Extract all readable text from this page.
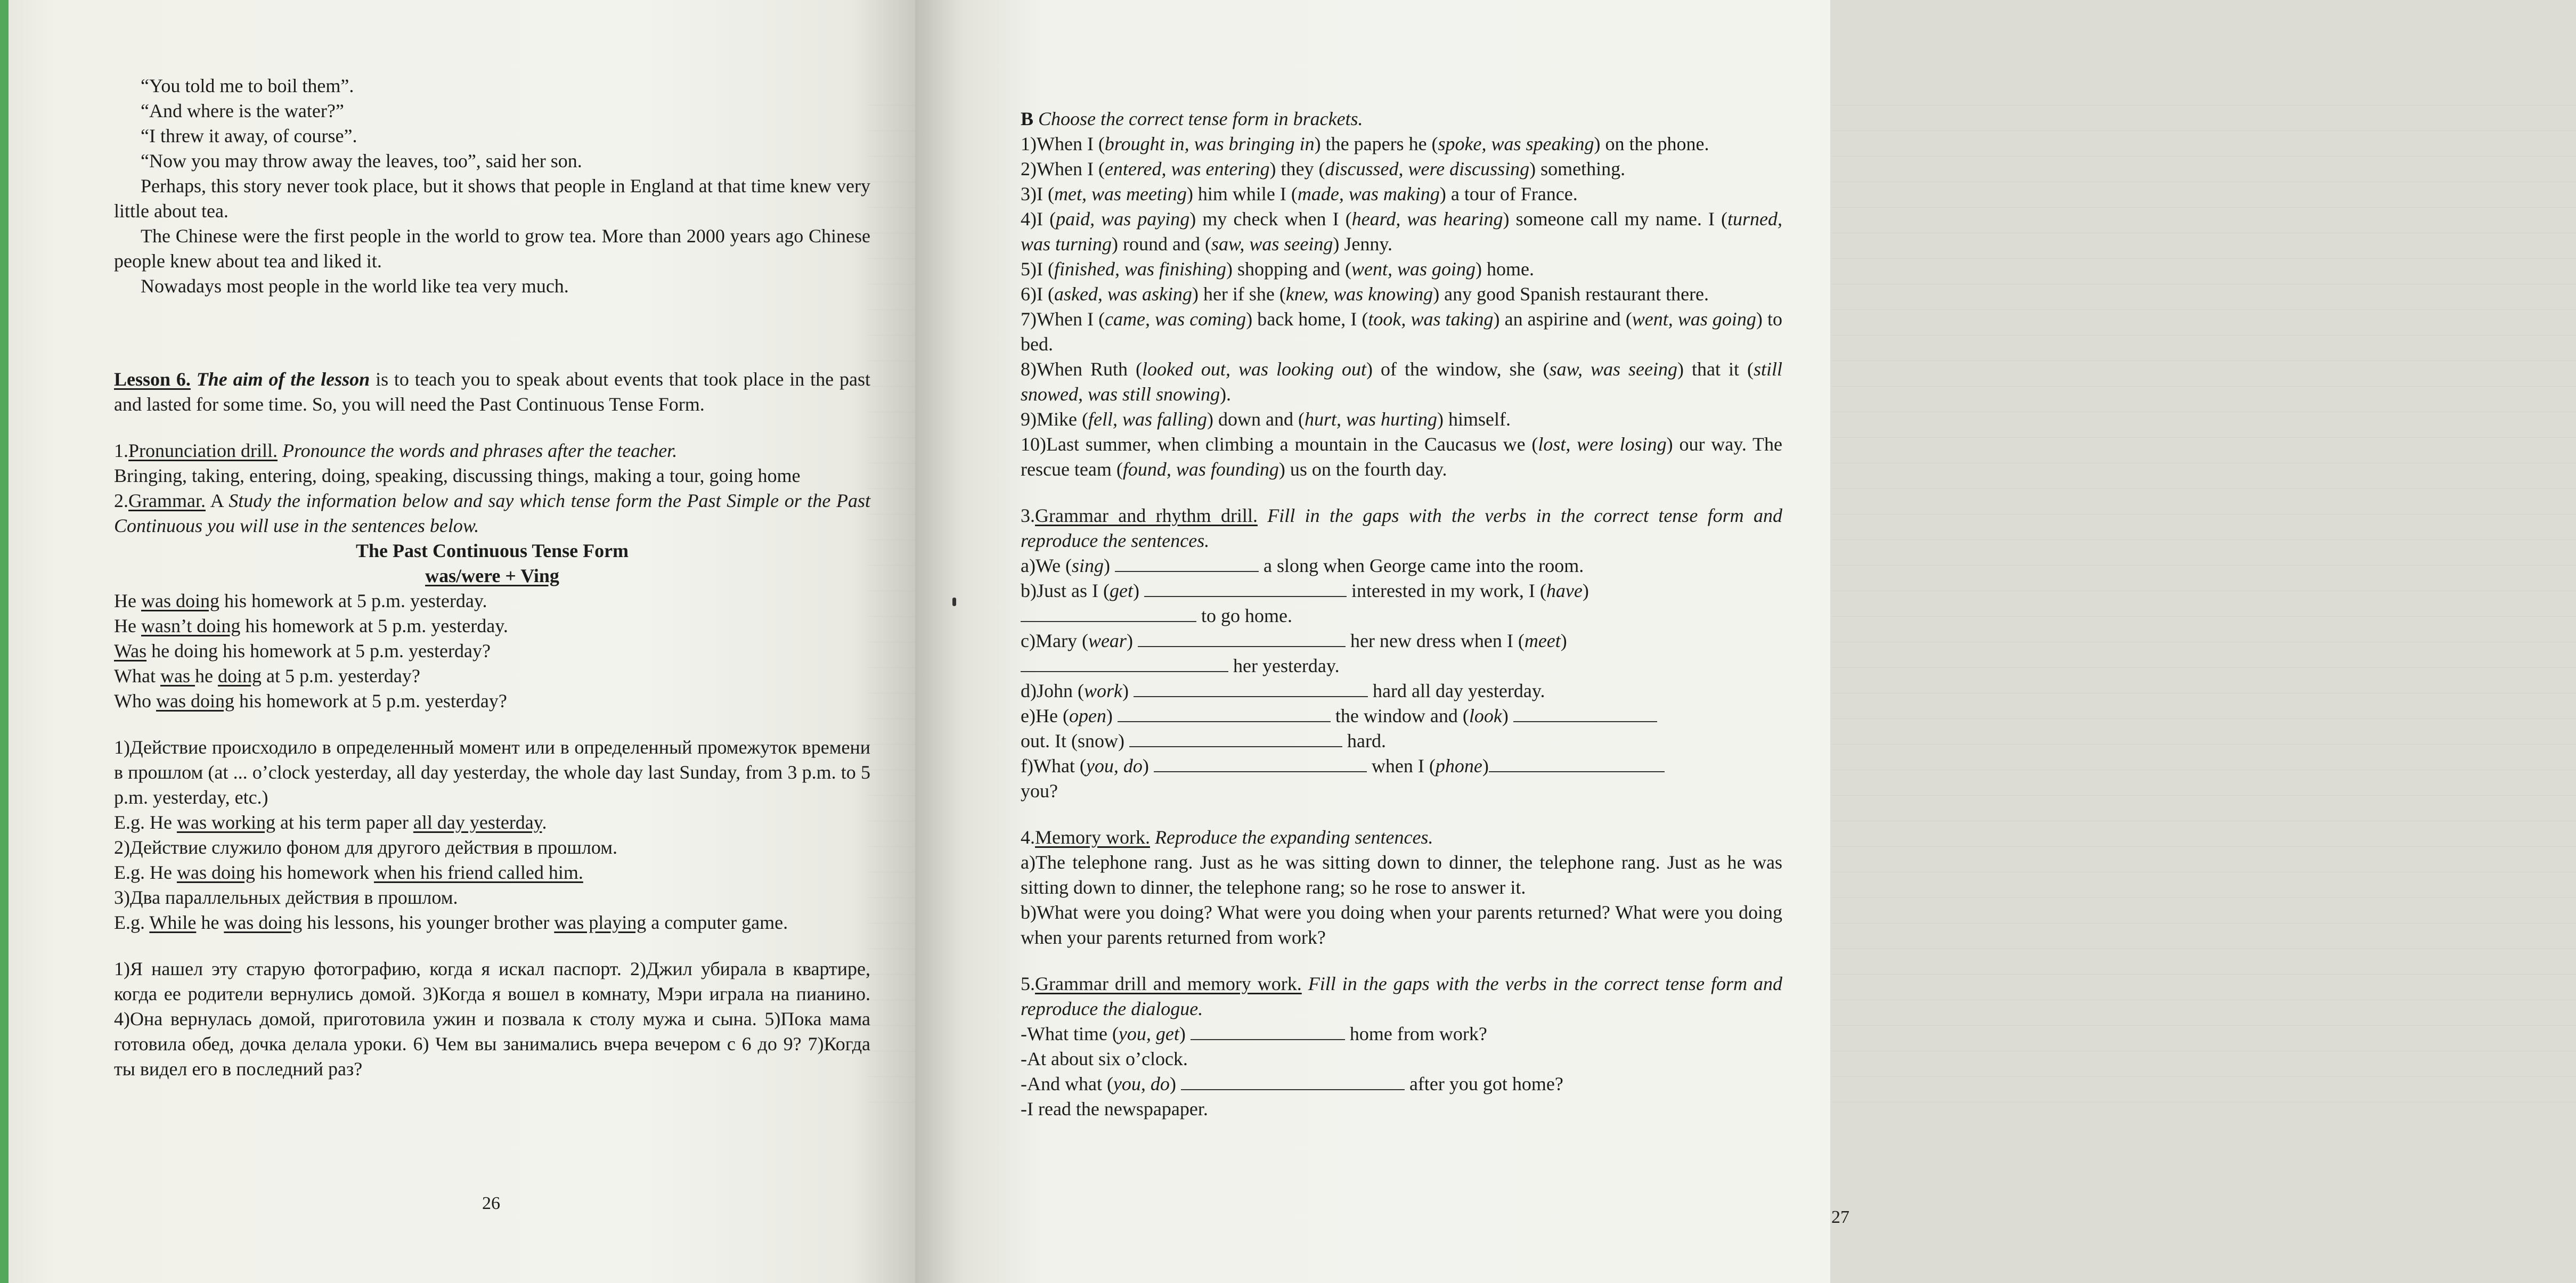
“You told me to boil them”.

“And where is the water?”

“I threw it away, of course”.

“Now you may throw away the leaves, too”, said her son.

Perhaps, this story never took place, but it shows that people in England at that time knew very little about tea.

The Chinese were the first people in the world to grow tea. More than 2000 years ago Chinese people knew about tea and liked it.

Nowadays most people in the world like tea very much.

Lesson 6. The aim of the lesson is to teach you to speak about events that took place in the past and lasted for some time. So, you will need the Past Continuous Tense Form.

1.Pronunciation drill. Pronounce the words and phrases after the teacher.

Bringing, taking, entering, doing, speaking, discussing things, making a tour, going home

2.Grammar. A Study the information below and say which tense form the Past Simple or the Past Continuous you will use in the sentences below.

The Past Continuous Tense Form

was/were + Ving

He was doing his homework at 5 p.m. yesterday.

He wasn’t doing his homework at 5 p.m. yesterday.

Was he doing his homework at 5 p.m. yesterday?

What was he doing at 5 p.m. yesterday?

Who was doing his homework at 5 p.m. yesterday?

1)Действие происходило в определенный момент или в определенный промежуток времени в прошлом (at ... o’clock yesterday, all day yesterday, the whole day last Sunday, from 3 p.m. to 5 p.m. yesterday, etc.)

E.g. He was working at his term paper all day yesterday.

2)Действие служило фоном для другого действия в прошлом.

E.g. He was doing his homework when his friend called him.

3)Два параллельных действия в прошлом.

E.g. While he was doing his lessons, his younger brother was playing a computer game.

1)Я нашел эту старую фотографию, когда я искал паспорт. 2)Джил убирала в квартире, когда ее родители вернулись домой. 3)Когда я вошел в комнату, Мэри играла на пианино. 4)Она вернулась домой, приготовила ужин и позвала к столу мужа и сына. 5)Пока мама готовила обед, дочка делала уроки. 6) Чем вы занимались вчера вечером с 6 до 9? 7)Когда ты видел его в последний раз?

26

B Choose the correct tense form in brackets.

1)When I (brought in, was bringing in) the papers he (spoke, was speaking) on the phone.

2)When I (entered, was entering) they (discussed, were discussing) something.

3)I (met, was meeting) him while I (made, was making) a tour of France.

4)I (paid, was paying) my check when I (heard, was hearing) someone call my name. I (turned, was turning) round and (saw, was seeing) Jenny.

5)I (finished, was finishing) shopping and (went, was going) home.

6)I (asked, was asking) her if she (knew, was knowing) any good Spanish restaurant there.

7)When I (came, was coming) back home, I (took, was taking) an aspirine and (went, was going) to bed.

8)When Ruth (looked out, was looking out) of the window, she (saw, was seeing) that it (still snowed, was still snowing).

9)Mike (fell, was falling) down and (hurt, was hurting) himself.

10)Last summer, when climbing a mountain in the Caucasus we (lost, were losing) our way. The rescue team (found, was founding) us on the fourth day.

3.Grammar and rhythm drill. Fill in the gaps with the verbs in the correct tense form and reproduce the sentences.

a)We (sing)	a slong when George came into the room.

b)Just as I (get)	interested in my work, I (have)
to go home.

c)Mary (wear)	her new dress when I (meet)
her yesterday.

d)John (work)	hard all day yesterday.

e)He (open)	the window and (look)
out. It (snow)	hard.

f)What (you, do)	when I (phone)
you?

4.Memory work. Reproduce the expanding sentences.

a)The telephone rang. Just as he was sitting down to dinner, the telephone rang. Just as he was sitting down to dinner, the telephone rang; so he rose to answer it.

b)What were you doing? What were you doing when your parents returned? What were you doing when your parents returned from work?

5.Grammar drill and memory work. Fill in the gaps with the verbs in the correct tense form and reproduce the dialogue.

-What time (you, get)	home from work?

-At about six o’clock.

-And what (you, do)	after you got home?

-I read the newspapaper.

27
